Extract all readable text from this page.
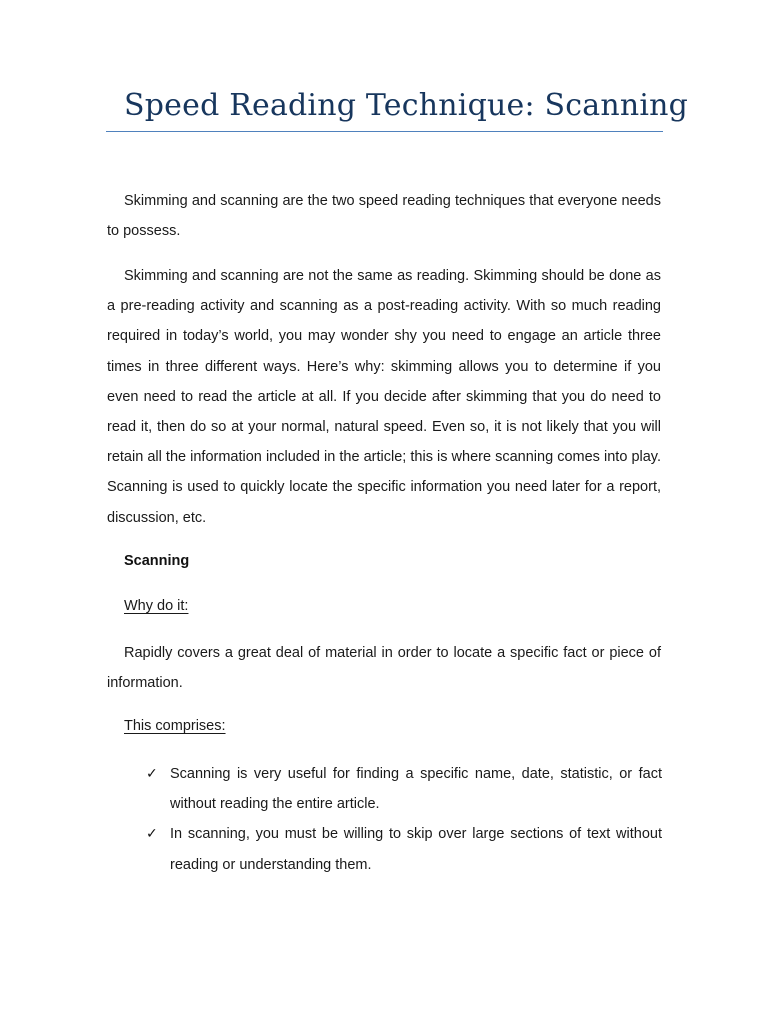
Speed Reading Technique: Scanning

Skimming and scanning are the two speed reading techniques that everyone needs to possess.

Skimming and scanning are not the same as reading. Skimming should be done as a pre-reading activity and scanning as a post-reading activity. With so much reading required in today’s world, you may wonder shy you need to engage an article three times in three different ways. Here’s why: skimming allows you to determine if you even need to read the article at all. If you decide after skimming that you do need to read it, then do so at your normal, natural speed. Even so, it is not likely that you will retain all the information included in the article; this is where scanning comes into play. Scanning is used to quickly locate the specific information you need later for a report, discussion, etc.

Scanning

Why do it:

Rapidly covers a great deal of material in order to locate a specific fact or piece of information.

This comprises:

✓ Scanning is very useful for finding a specific name, date, statistic, or fact without reading the entire article.
✓ In scanning, you must be willing to skip over large sections of text without reading or understanding them.
